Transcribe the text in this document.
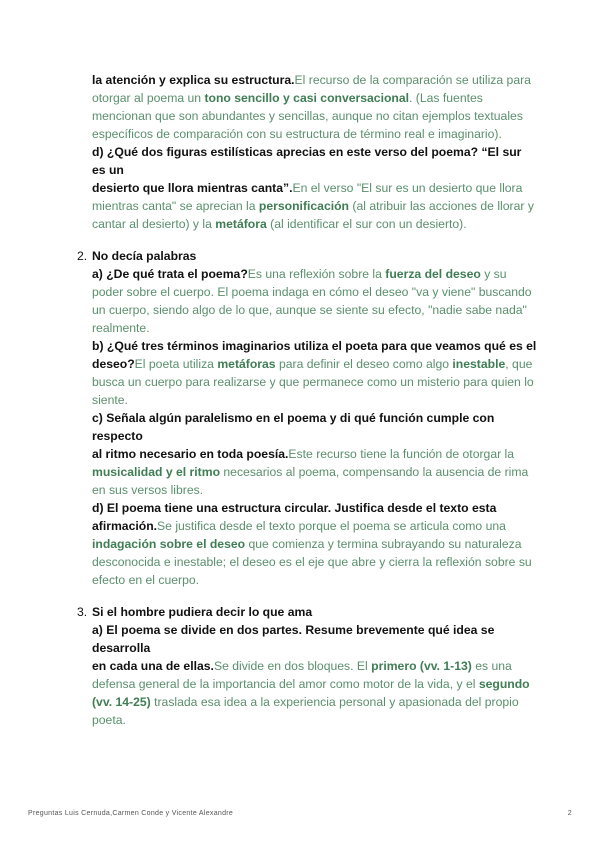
la atención y explica su estructura.El recurso de la comparación se utiliza para otorgar al poema un tono sencillo y casi conversacional. (Las fuentes mencionan que son abundantes y sencillas, aunque no citan ejemplos textuales específicos de comparación con su estructura de término real e imaginario).

d) ¿Qué dos figuras estilísticas aprecias en este verso del poema? “El sur es un
desierto que llora mientras canta”.En el verso "El sur es un desierto que llora mientras canta" se aprecian la personificación (al atribuir las acciones de llorar y cantar al desierto) y la metáfora (al identificar el sur con un desierto).

2. No decía palabras

a) ¿De qué trata el poema?Es una reflexión sobre la fuerza del deseo y su poder sobre el cuerpo. El poema indaga en cómo el deseo "va y viene" buscando un cuerpo, siendo algo de lo que, aunque se siente su efecto, "nadie sabe nada" realmente.

b) ¿Qué tres términos imaginarios utiliza el poeta para que veamos qué es el
deseo?El poeta utiliza metáforas para definir el deseo como algo inestable, que busca un cuerpo para realizarse y que permanece como un misterio para quien lo siente.

c) Señala algún paralelismo en el poema y di qué función cumple con respecto
al ritmo necesario en toda poesía.Este recurso tiene la función de otorgar la musicalidad y el ritmo necesarios al poema, compensando la ausencia de rima en sus versos libres.

d) El poema tiene una estructura circular. Justifica desde el texto esta
afirmación.Se justifica desde el texto porque el poema se articula como una indagación sobre el deseo que comienza y termina subrayando su naturaleza desconocida e inestable; el deseo es el eje que abre y cierra la reflexión sobre su efecto en el cuerpo.

3. Si el hombre pudiera decir lo que ama

a) El poema se divide en dos partes. Resume brevemente qué idea se desarrolla
en cada una de ellas.Se divide en dos bloques. El primero (vv. 1-13) es una defensa general de la importancia del amor como motor de la vida, y el segundo (vv. 14-25) traslada esa idea a la experiencia personal y apasionada del propio poeta.

Preguntas Luis Cernuda,Carmen Conde y Vicente Alexandre	2
